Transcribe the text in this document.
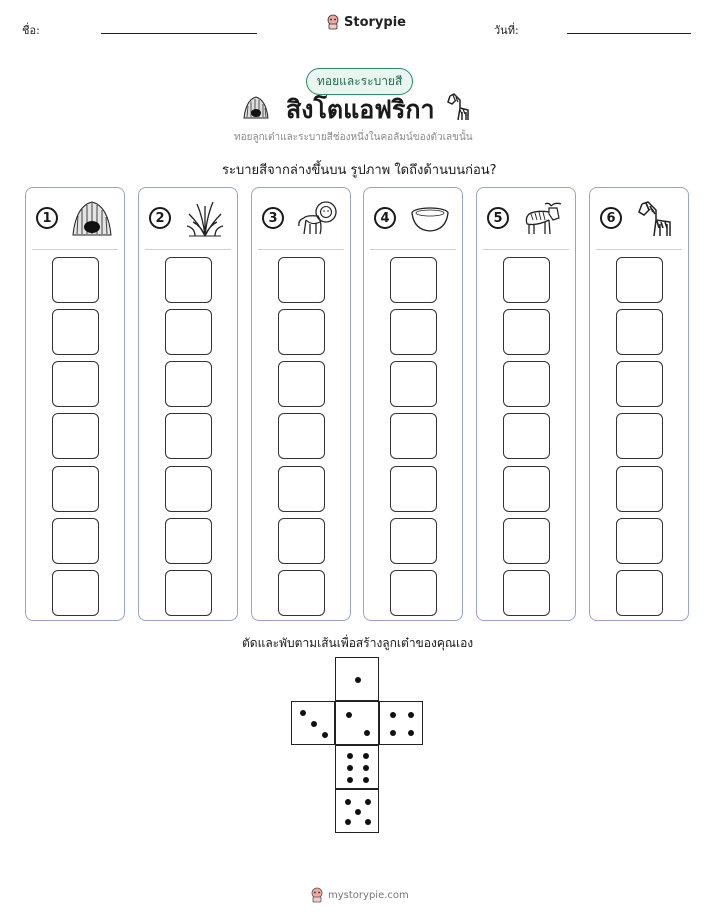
ชื่อ:
Storypie
วันที่:
ทอยและระบายสี
สิงโตแอฟริกา
ทอยลูกเต๋าและระบายสีช่องหนึ่งในคอลัมน์ของตัวเลขนั้น
ระบายสีจากล่างขึ้นบน รูปภาพ ใดถึงด้านบนก่อน?
1	2	3	4	5	6
ตัดและพับตามเส้นเพื่อสร้างลูกเต๋าของคุณเอง
mystorypie.com
